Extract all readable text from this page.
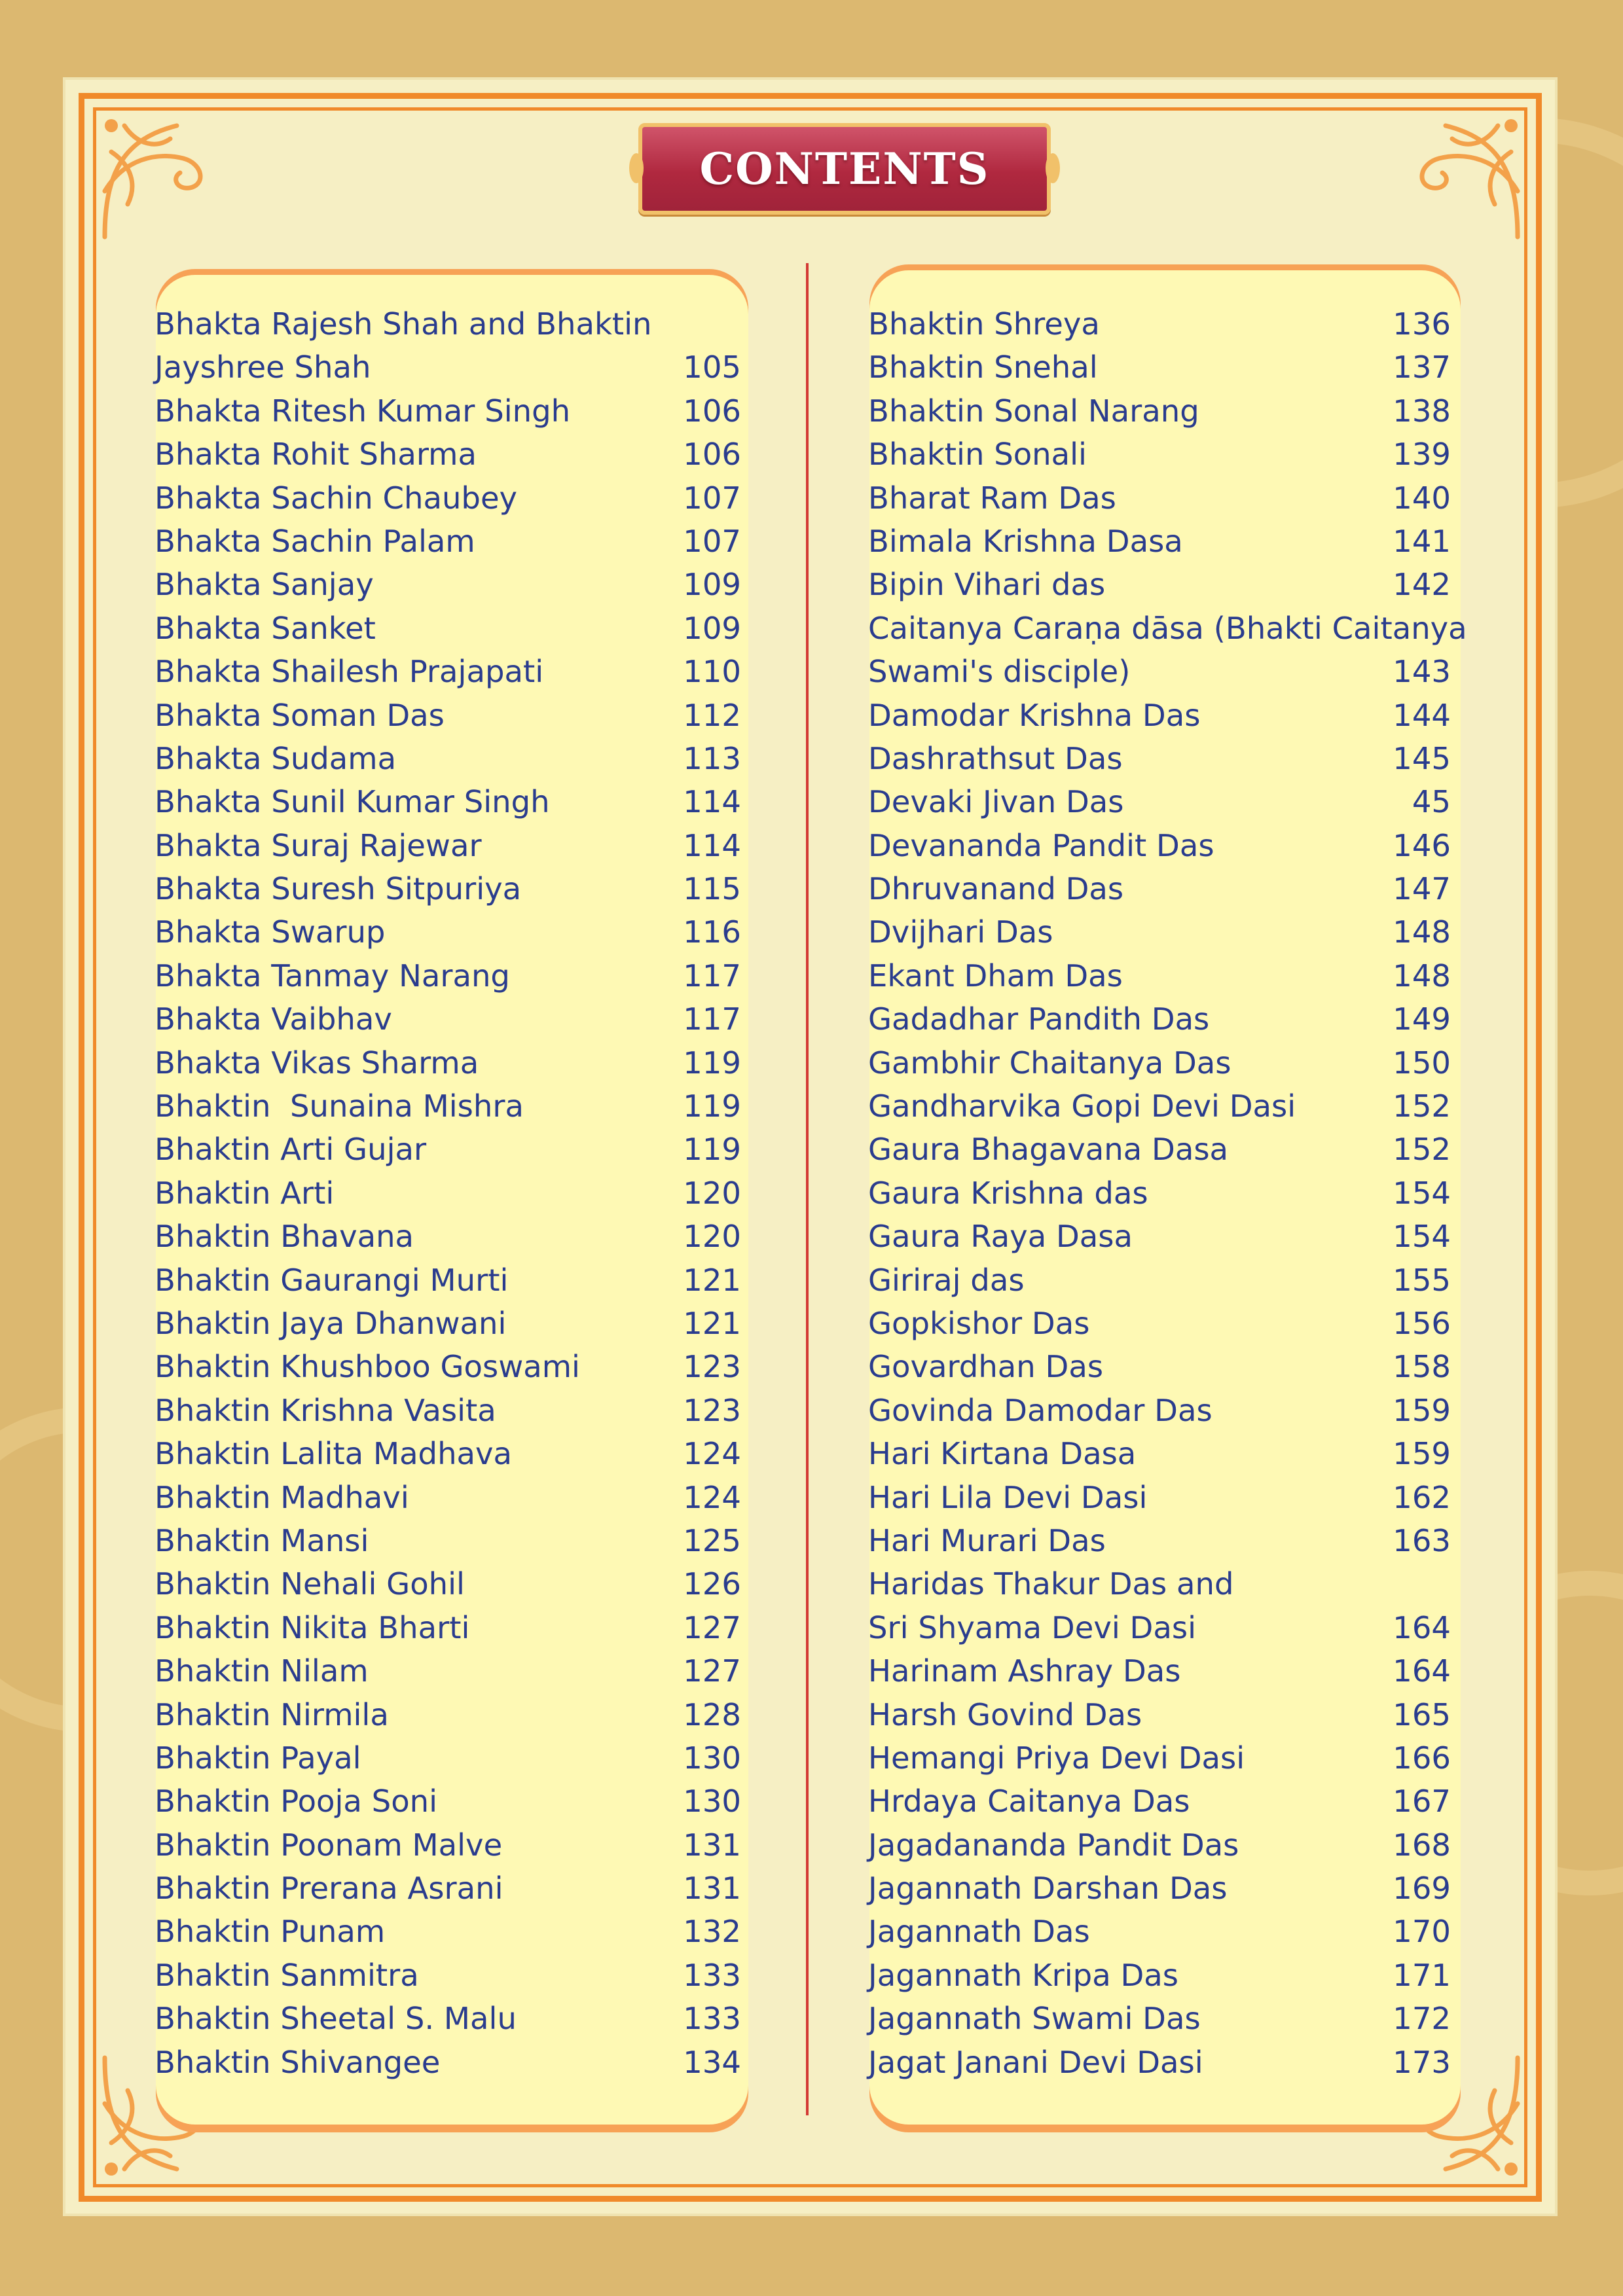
CONTENTS
Bhakta Rajesh Shah and Bhaktin
Jayshree Shah	105
Bhakta Ritesh Kumar Singh	106
Bhakta Rohit Sharma	106
Bhakta Sachin Chaubey	107
Bhakta Sachin Palam	107
Bhakta Sanjay	109
Bhakta Sanket	109
Bhakta Shailesh Prajapati	110
Bhakta Soman Das	112
Bhakta Sudama	113
Bhakta Sunil Kumar Singh	114
Bhakta Suraj Rajewar	114
Bhakta Suresh Sitpuriya	115
Bhakta Swarup	116
Bhakta Tanmay Narang	117
Bhakta Vaibhav	117
Bhakta Vikas Sharma	119
Bhaktin  Sunaina Mishra	119
Bhaktin Arti Gujar	119
Bhaktin Arti	120
Bhaktin Bhavana	120
Bhaktin Gaurangi Murti	121
Bhaktin Jaya Dhanwani	121
Bhaktin Khushboo Goswami	123
Bhaktin Krishna Vasita	123
Bhaktin Lalita Madhava	124
Bhaktin Madhavi	124
Bhaktin Mansi	125
Bhaktin Nehali Gohil	126
Bhaktin Nikita Bharti	127
Bhaktin Nilam	127
Bhaktin Nirmila	128
Bhaktin Payal	130
Bhaktin Pooja Soni	130
Bhaktin Poonam Malve	131
Bhaktin Prerana Asrani	131
Bhaktin Punam	132
Bhaktin Sanmitra	133
Bhaktin Sheetal S. Malu	133
Bhaktin Shivangee	134
Bhaktin Shreya	136
Bhaktin Snehal	137
Bhaktin Sonal Narang	138
Bhaktin Sonali	139
Bharat Ram Das	140
Bimala Krishna Dasa	141
Bipin Vihari das	142
Caitanya Caraṇa dāsa (Bhakti Caitanya
Swami's disciple)	143
Damodar Krishna Das	144
Dashrathsut Das	145
Devaki Jivan Das	45
Devananda Pandit Das	146
Dhruvanand Das	147
Dvijhari Das	148
Ekant Dham Das	148
Gadadhar Pandith Das	149
Gambhir Chaitanya Das	150
Gandharvika Gopi Devi Dasi	152
Gaura Bhagavana Dasa	152
Gaura Krishna das	154
Gaura Raya Dasa	154
Giriraj das	155
Gopkishor Das	156
Govardhan Das	158
Govinda Damodar Das	159
Hari Kirtana Dasa	159
Hari Lila Devi Dasi	162
Hari Murari Das	163
Haridas Thakur Das and
Sri Shyama Devi Dasi	164
Harinam Ashray Das	164
Harsh Govind Das	165
Hemangi Priya Devi Dasi	166
Hrdaya Caitanya Das	167
Jagadananda Pandit Das	168
Jagannath Darshan Das	169
Jagannath Das	170
Jagannath Kripa Das	171
Jagannath Swami Das	172
Jagat Janani Devi Dasi	173
